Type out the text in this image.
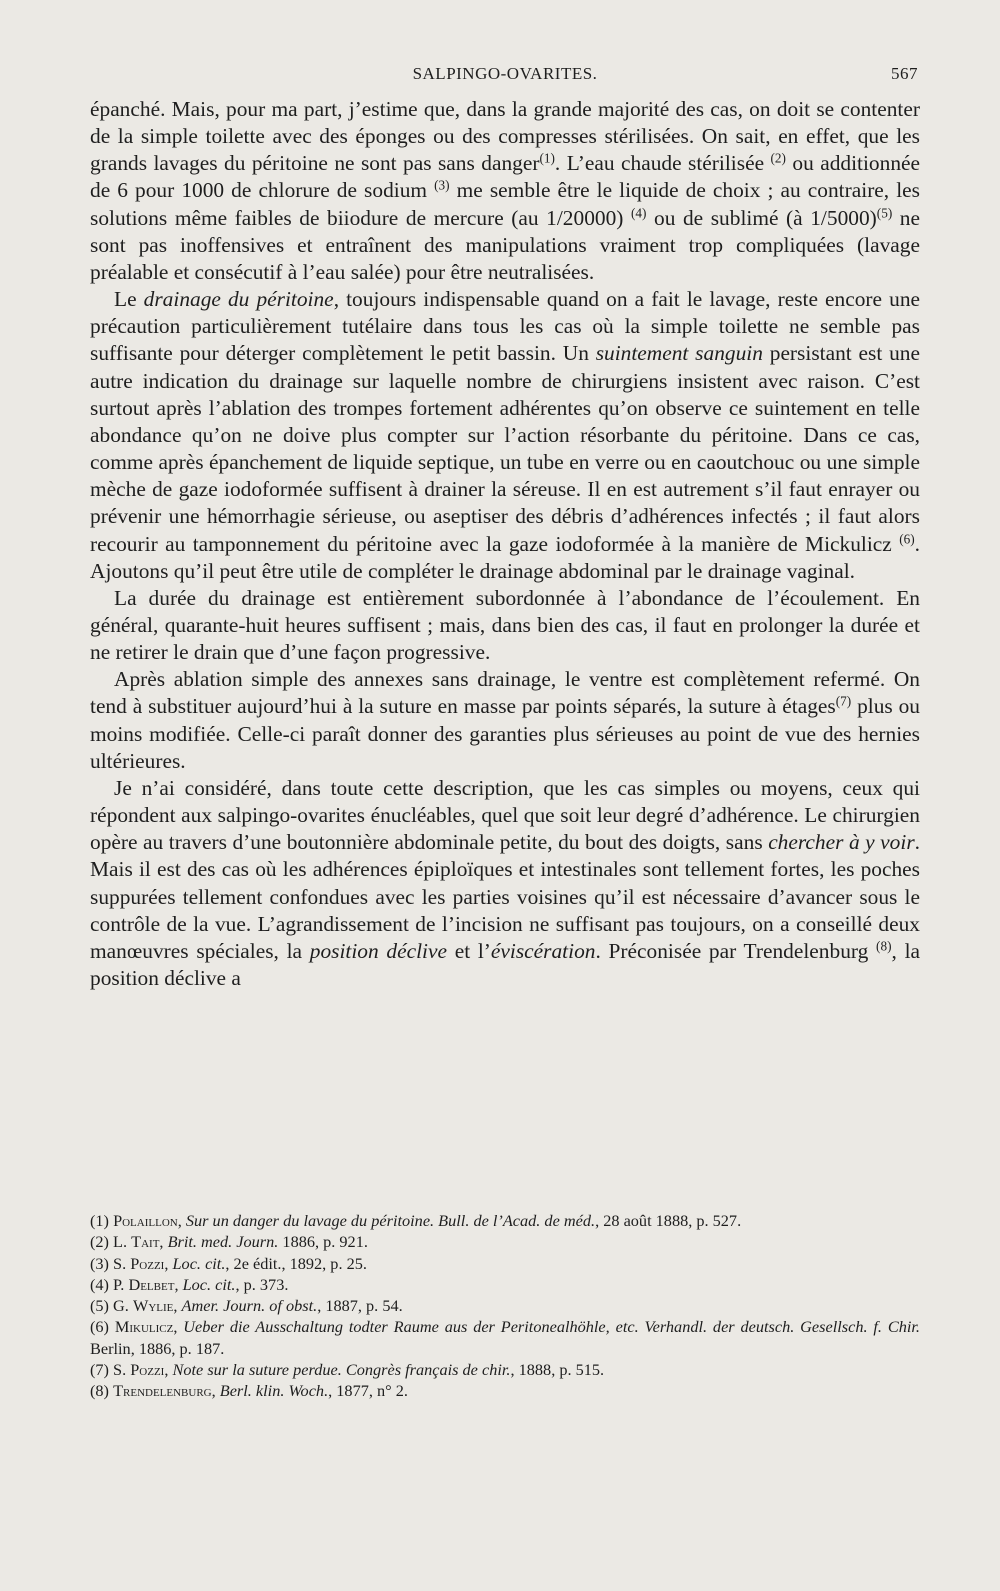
SALPINGO-OVARITES.	567

épanché. Mais, pour ma part, j’estime que, dans la grande majorité des cas, on doit se contenter de la simple toilette avec des éponges ou des compresses stérilisées. On sait, en effet, que les grands lavages du péritoine ne sont pas sans danger$^{(1)}$. L’eau chaude stérilisée $^{(2)}$ ou additionnée de 6 pour 1000 de chlorure de sodium $^{(3)}$ me semble être le liquide de choix ; au contraire, les solutions même faibles de biiodure de mercure (au 1/20000) $^{(4)}$ ou de sublimé (à 1/5000)$^{(5)}$ ne sont pas inoffensives et entraînent des manipulations vraiment trop compliquées (lavage préalable et consécutif à l’eau salée) pour être neutralisées.

Le drainage du péritoine, toujours indispensable quand on a fait le lavage, reste encore une précaution particulièrement tutélaire dans tous les cas où la simple toilette ne semble pas suffisante pour déterger complètement le petit bassin. Un suintement sanguin persistant est une autre indication du drainage sur laquelle nombre de chirurgiens insistent avec raison. C’est surtout après l’ablation des trompes fortement adhérentes qu’on observe ce suintement en telle abondance qu’on ne doive plus compter sur l’action résorbante du péritoine. Dans ce cas, comme après épanchement de liquide septique, un tube en verre ou en caoutchouc ou une simple mèche de gaze iodoformée suffisent à drainer la séreuse. Il en est autrement s’il faut enrayer ou prévenir une hémorrhagie sérieuse, ou aseptiser des débris d’adhérences infectés ; il faut alors recourir au tamponnement du péritoine avec la gaze iodoformée à la manière de Mickulicz $^{(6)}$. Ajoutons qu’il peut être utile de compléter le drainage abdominal par le drainage vaginal.

La durée du drainage est entièrement subordonnée à l’abondance de l’écoulement. En général, quarante-huit heures suffisent ; mais, dans bien des cas, il faut en prolonger la durée et ne retirer le drain que d’une façon progressive.

Après ablation simple des annexes sans drainage, le ventre est complètement refermé. On tend à substituer aujourd’hui à la suture en masse par points séparés, la suture à étages$^{(7)}$ plus ou moins modifiée. Celle-ci paraît donner des garanties plus sérieuses au point de vue des hernies ultérieures.

Je n’ai considéré, dans toute cette description, que les cas simples ou moyens, ceux qui répondent aux salpingo-ovarites énucléables, quel que soit leur degré d’adhérence. Le chirurgien opère au travers d’une boutonnière abdominale petite, du bout des doigts, sans chercher à y voir. Mais il est des cas où les adhérences épiploïques et intestinales sont tellement fortes, les poches suppurées tellement confondues avec les parties voisines qu’il est nécessaire d’avancer sous le contrôle de la vue. L’agrandissement de l’incision ne suffisant pas toujours, on a conseillé deux manœuvres spéciales, la position déclive et l’éviscération. Préconisée par Trendelenburg $^{(8)}$, la position déclive a

(1) Polaillon, Sur un danger du lavage du péritoine. Bull. de l’Acad. de méd., 28 août 1888, p. 527.

(2) L. Tait, Brit. med. Journ. 1886, p. 921.

(3) S. Pozzi, Loc. cit., 2e édit., 1892, p. 25.

(4) P. Delbet, Loc. cit., p. 373.

(5) G. Wylie, Amer. Journ. of obst., 1887, p. 54.

(6) Mikulicz, Ueber die Ausschaltung todter Raume aus der Peritonealhöhle, etc. Verhandl. der deutsch. Gesellsch. f. Chir. Berlin, 1886, p. 187.

(7) S. Pozzi, Note sur la suture perdue. Congrès français de chir., 1888, p. 515.

(8) Trendelenburg, Berl. klin. Woch., 1877, n° 2.
